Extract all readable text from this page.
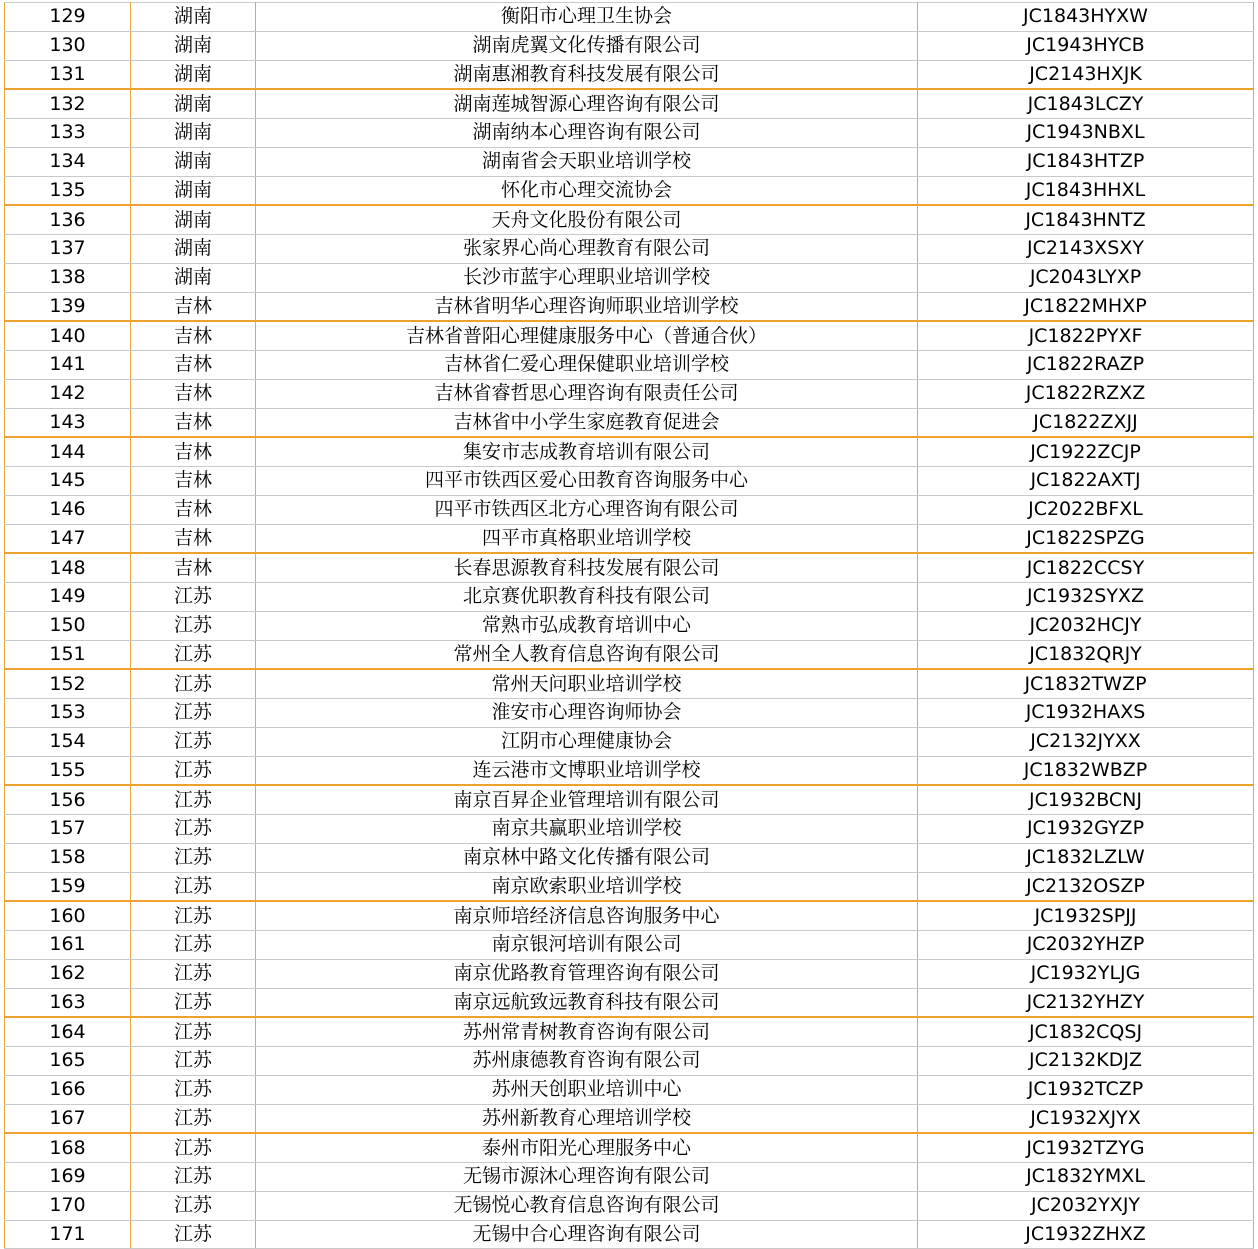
129	湖南	衡阳市心理卫生协会	JC1843HYXW
130	湖南	湖南虎翼文化传播有限公司	JC1943HYCB
131	湖南	湖南惠湘教育科技发展有限公司	JC2143HXJK
132	湖南	湖南莲城智源心理咨询有限公司	JC1843LCZY
133	湖南	湖南纳本心理咨询有限公司	JC1943NBXL
134	湖南	湖南省会天职业培训学校	JC1843HTZP
135	湖南	怀化市心理交流协会	JC1843HHXL
136	湖南	天舟文化股份有限公司	JC1843HNTZ
137	湖南	张家界心尚心理教育有限公司	JC2143XSXY
138	湖南	长沙市蓝宇心理职业培训学校	JC2043LYXP
139	吉林	吉林省明华心理咨询师职业培训学校	JC1822MHXP
140	吉林	吉林省普阳心理健康服务中心（普通合伙）	JC1822PYXF
141	吉林	吉林省仁爱心理保健职业培训学校	JC1822RAZP
142	吉林	吉林省睿哲思心理咨询有限责任公司	JC1822RZXZ
143	吉林	吉林省中小学生家庭教育促进会	JC1822ZXJJ
144	吉林	集安市志成教育培训有限公司	JC1922ZCJP
145	吉林	四平市铁西区爱心田教育咨询服务中心	JC1822AXTJ
146	吉林	四平市铁西区北方心理咨询有限公司	JC2022BFXL
147	吉林	四平市真格职业培训学校	JC1822SPZG
148	吉林	长春思源教育科技发展有限公司	JC1822CCSY
149	江苏	北京赛优职教育科技有限公司	JC1932SYXZ
150	江苏	常熟市弘成教育培训中心	JC2032HCJY
151	江苏	常州全人教育信息咨询有限公司	JC1832QRJY
152	江苏	常州天问职业培训学校	JC1832TWZP
153	江苏	淮安市心理咨询师协会	JC1932HAXS
154	江苏	江阴市心理健康协会	JC2132JYXX
155	江苏	连云港市文博职业培训学校	JC1832WBZP
156	江苏	南京百昇企业管理培训有限公司	JC1932BCNJ
157	江苏	南京共赢职业培训学校	JC1932GYZP
158	江苏	南京林中路文化传播有限公司	JC1832LZLW
159	江苏	南京欧索职业培训学校	JC2132OSZP
160	江苏	南京师培经济信息咨询服务中心	JC1932SPJJ
161	江苏	南京银河培训有限公司	JC2032YHZP
162	江苏	南京优路教育管理咨询有限公司	JC1932YLJG
163	江苏	南京远航致远教育科技有限公司	JC2132YHZY
164	江苏	苏州常青树教育咨询有限公司	JC1832CQSJ
165	江苏	苏州康德教育咨询有限公司	JC2132KDJZ
166	江苏	苏州天创职业培训中心	JC1932TCZP
167	江苏	苏州新教育心理培训学校	JC1932XJYX
168	江苏	泰州市阳光心理服务中心	JC1932TZYG
169	江苏	无锡市源沐心理咨询有限公司	JC1832YMXL
170	江苏	无锡悦心教育信息咨询有限公司	JC2032YXJY
171	江苏	无锡中合心理咨询有限公司	JC1932ZHXZ
